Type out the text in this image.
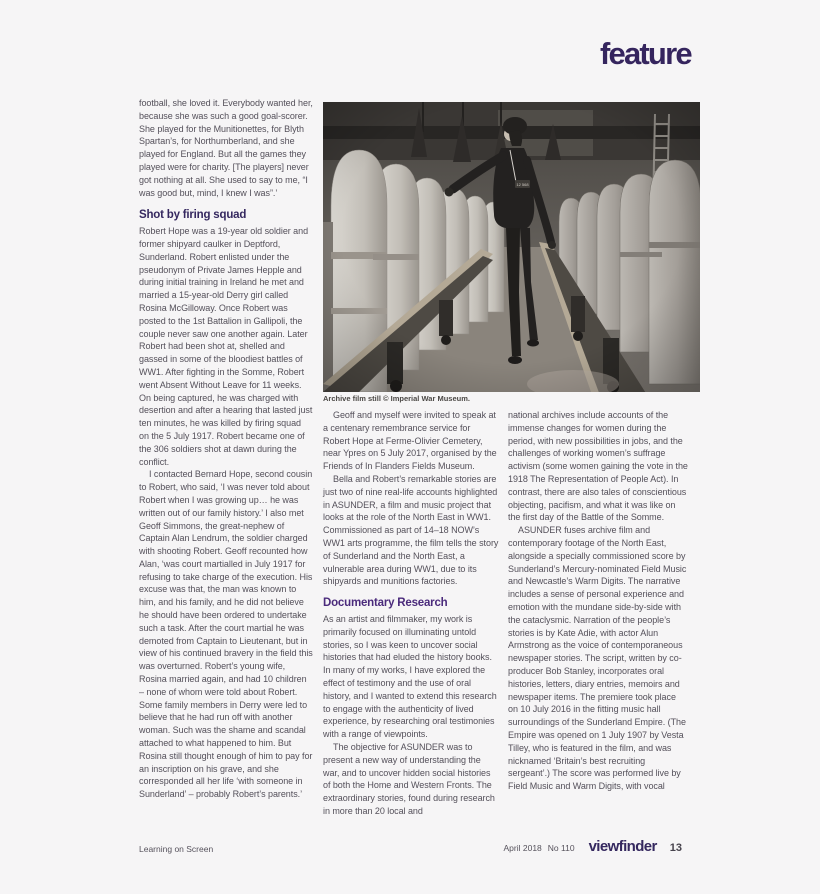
feature

football, she loved it. Everybody wanted her, because she was such a good goal-scorer. She played for the Munitionettes, for Blyth Spartan’s, for Northumberland, and she played for England. But all the games they played were for charity. [The players] never got nothing at all. She used to say to me, “I was good but, mind, I knew I was”.’

Shot by firing squad

Robert Hope was a 19-year old soldier and former shipyard caulker in Deptford, Sunderland. Robert enlisted under the pseudonym of Private James Hepple and during initial training in Ireland he met and married a 15-year-old Derry girl called Rosina McGilloway. Once Robert was posted to the 1st Battalion in Gallipoli, the couple never saw one another again. Later Robert had been shot at, shelled and gassed in some of the bloodiest battles of WW1. After fighting in the Somme, Robert went Absent Without Leave for 11 weeks. On being captured, he was charged with desertion and after a hearing that lasted just ten minutes, he was killed by firing squad on the 5 July 1917. Robert became one of the 306 soldiers shot at dawn during the conflict.

I contacted Bernard Hope, second cousin to Robert, who said, ‘I was never told about Robert when I was growing up… he was written out of our family history.’ I also met Geoff Simmons, the great-nephew of Captain Alan Lendrum, the soldier charged with shooting Robert. Geoff recounted how Alan, ‘was court martialled in July 1917 for refusing to take charge of the execution. His excuse was that, the man was known to him, and his family, and he did not believe he should have been ordered to undertake such a task. After the court martial he was demoted from Captain to Lieutenant, but in view of his continued bravery in the field this was overturned. Robert’s young wife, Rosina married again, and had 10 children – none of whom were told about Robert. Some family members in Derry were led to believe that he had run off with another woman. Such was the shame and scandal attached to what happened to him. But Rosina still thought enough of him to pay for an inscription on his grave, and she corresponded all her life ‘with someone in Sunderland’ – probably Robert’s parents.’

Archive film still © Imperial War Museum.

Geoff and myself were invited to speak at a centenary remembrance service for Robert Hope at Ferme-Olivier Cemetery, near Ypres on 5 July 2017, organised by the Friends of In Flanders Fields Museum.

Bella and Robert’s remarkable stories are just two of nine real-life accounts highlighted in ASUNDER, a film and music project that looks at the role of the North East in WW1. Commissioned as part of 14–18 NOW’s WW1 arts programme, the film tells the story of Sunderland and the North East, a vulnerable area during WW1, due to its shipyards and munitions factories.

Documentary Research

As an artist and filmmaker, my work is primarily focused on illuminating untold stories, so I was keen to uncover social histories that had eluded the history books. In many of my works, I have explored the effect of testimony and the use of oral history, and I wanted to extend this research to engage with the authenticity of lived experience, by researching oral testimonies with a range of viewpoints.

The objective for ASUNDER was to present a new way of understanding the war, and to uncover hidden social histories of both the Home and Western Fronts. The extraordinary stories, found during research in more than 20 local and

national archives include accounts of the immense changes for women during the period, with new possibilities in jobs, and the challenges of working women’s suffrage activism (some women gaining the vote in the 1918 The Representation of People Act). In contrast, there are also tales of conscientious objecting, pacifism, and what it was like on the first day of the Battle of the Somme.

ASUNDER fuses archive film and contemporary footage of the North East, alongside a specially commissioned score by Sunderland’s Mercury-nominated Field Music and Newcastle’s Warm Digits. The narrative includes a sense of personal experience and emotion with the mundane side-by-side with the cataclysmic. Narration of the people’s stories is by Kate Adie, with actor Alun Armstrong as the voice of contemporaneous newspaper stories. The script, written by co-producer Bob Stanley, incorporates oral histories, letters, diary entries, memoirs and newspaper items. The premiere took place on 10 July 2016 in the fitting music hall surroundings of the Sunderland Empire. (The Empire was opened on 1 July 1907 by Vesta Tilley, who is featured in the film, and was nicknamed ‘Britain’s best recruiting sergeant’.) The score was performed live by Field Music and Warm Digits, with vocal

Learning on Screen	April 2018 No 110 viewfinder 13
